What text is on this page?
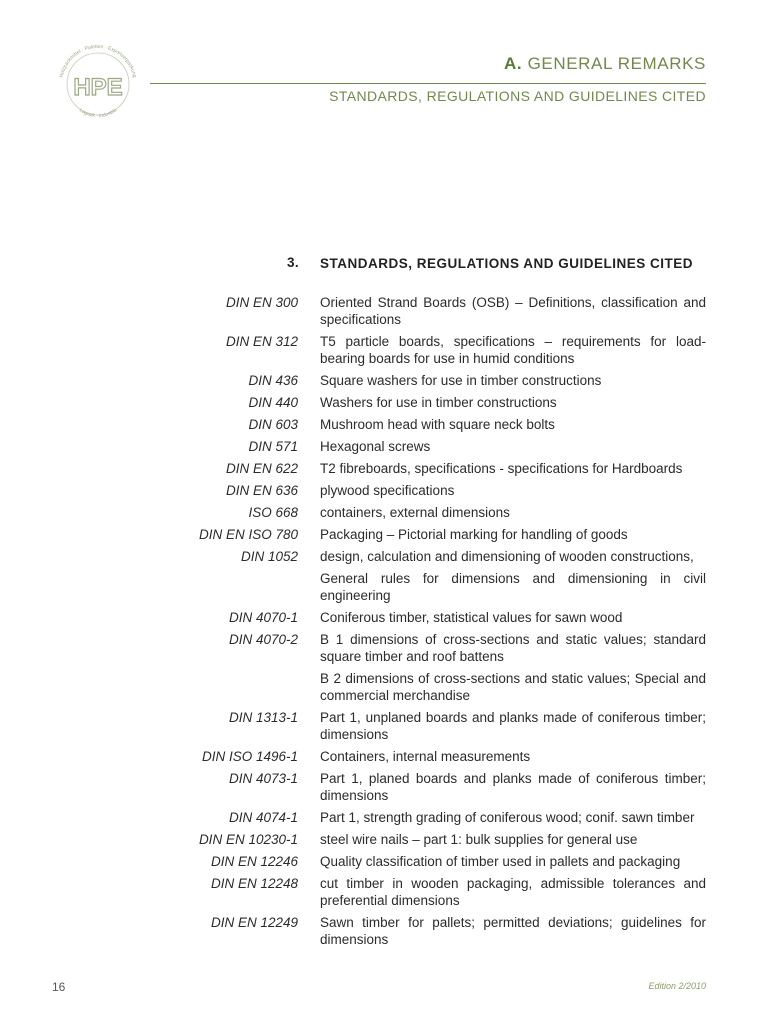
Holzpackmittel · Paletten · Exportverpackung
Logistik · Industrie
HPE
A. GENERAL REMARKS
STANDARDS, REGULATIONS AND GUIDELINES CITED
3. STANDARDS, REGULATIONS AND GUIDELINES CITED
DIN EN 300 Oriented Strand Boards (OSB) – Definitions, classification and specifications
DIN EN 312 T5 particle boards, specifications – requirements for load-bearing boards for use in humid conditions
DIN 436 Square washers for use in timber constructions
DIN 440 Washers for use in timber constructions
DIN 603 Mushroom head with square neck bolts
DIN 571 Hexagonal screws
DIN EN 622 T2 fibreboards, specifications - specifications for Hardboards
DIN EN 636 plywood specifications
ISO 668 containers, external dimensions
DIN EN ISO 780 Packaging – Pictorial marking for handling of goods
DIN 1052 design, calculation and dimensioning of wooden constructions,
General rules for dimensions and dimensioning in civil engineering
DIN 4070-1 Coniferous timber, statistical values for sawn wood
DIN 4070-2 B 1 dimensions of cross-sections and static values; standard square timber and roof battens
B 2 dimensions of cross-sections and static values; Special and commercial merchandise
DIN 1313-1 Part 1, unplaned boards and planks made of coniferous timber; dimensions
DIN ISO 1496-1 Containers, internal measurements
DIN 4073-1 Part 1, planed boards and planks made of coniferous timber; dimensions
DIN 4074-1 Part 1, strength grading of coniferous wood; conif. sawn timber
DIN EN 10230-1 steel wire nails – part 1: bulk supplies for general use
DIN EN 12246 Quality classification of timber used in pallets and packaging
DIN EN 12248 cut timber in wooden packaging, admissible tolerances and preferential dimensions
DIN EN 12249 Sawn timber for pallets; permitted deviations; guidelines for dimensions
16	Edition 2/2010
